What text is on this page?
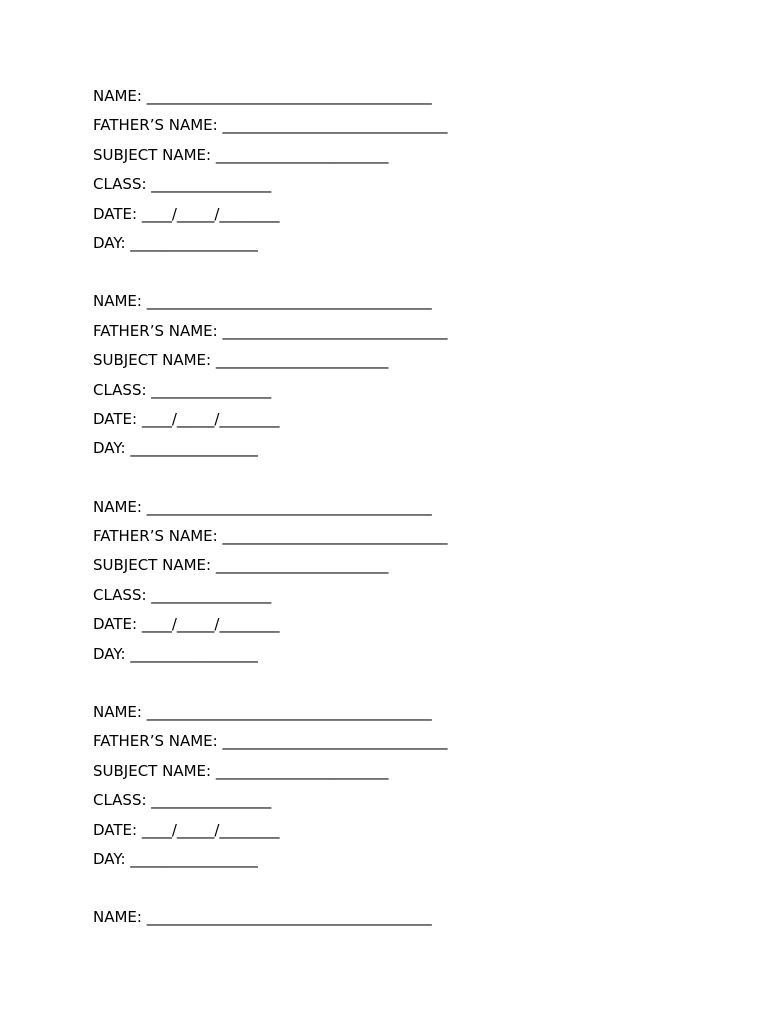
NAME: ______________________________________
FATHER’S NAME: ______________________________
SUBJECT NAME: _______________________
CLASS: ________________
DATE: ____/_____/________
DAY: _________________
NAME: ______________________________________
FATHER’S NAME: ______________________________
SUBJECT NAME: _______________________
CLASS: ________________
DATE: ____/_____/________
DAY: _________________
NAME: ______________________________________
FATHER’S NAME: ______________________________
SUBJECT NAME: _______________________
CLASS: ________________
DATE: ____/_____/________
DAY: _________________
NAME: ______________________________________
FATHER’S NAME: ______________________________
SUBJECT NAME: _______________________
CLASS: ________________
DATE: ____/_____/________
DAY: _________________
NAME: ______________________________________
